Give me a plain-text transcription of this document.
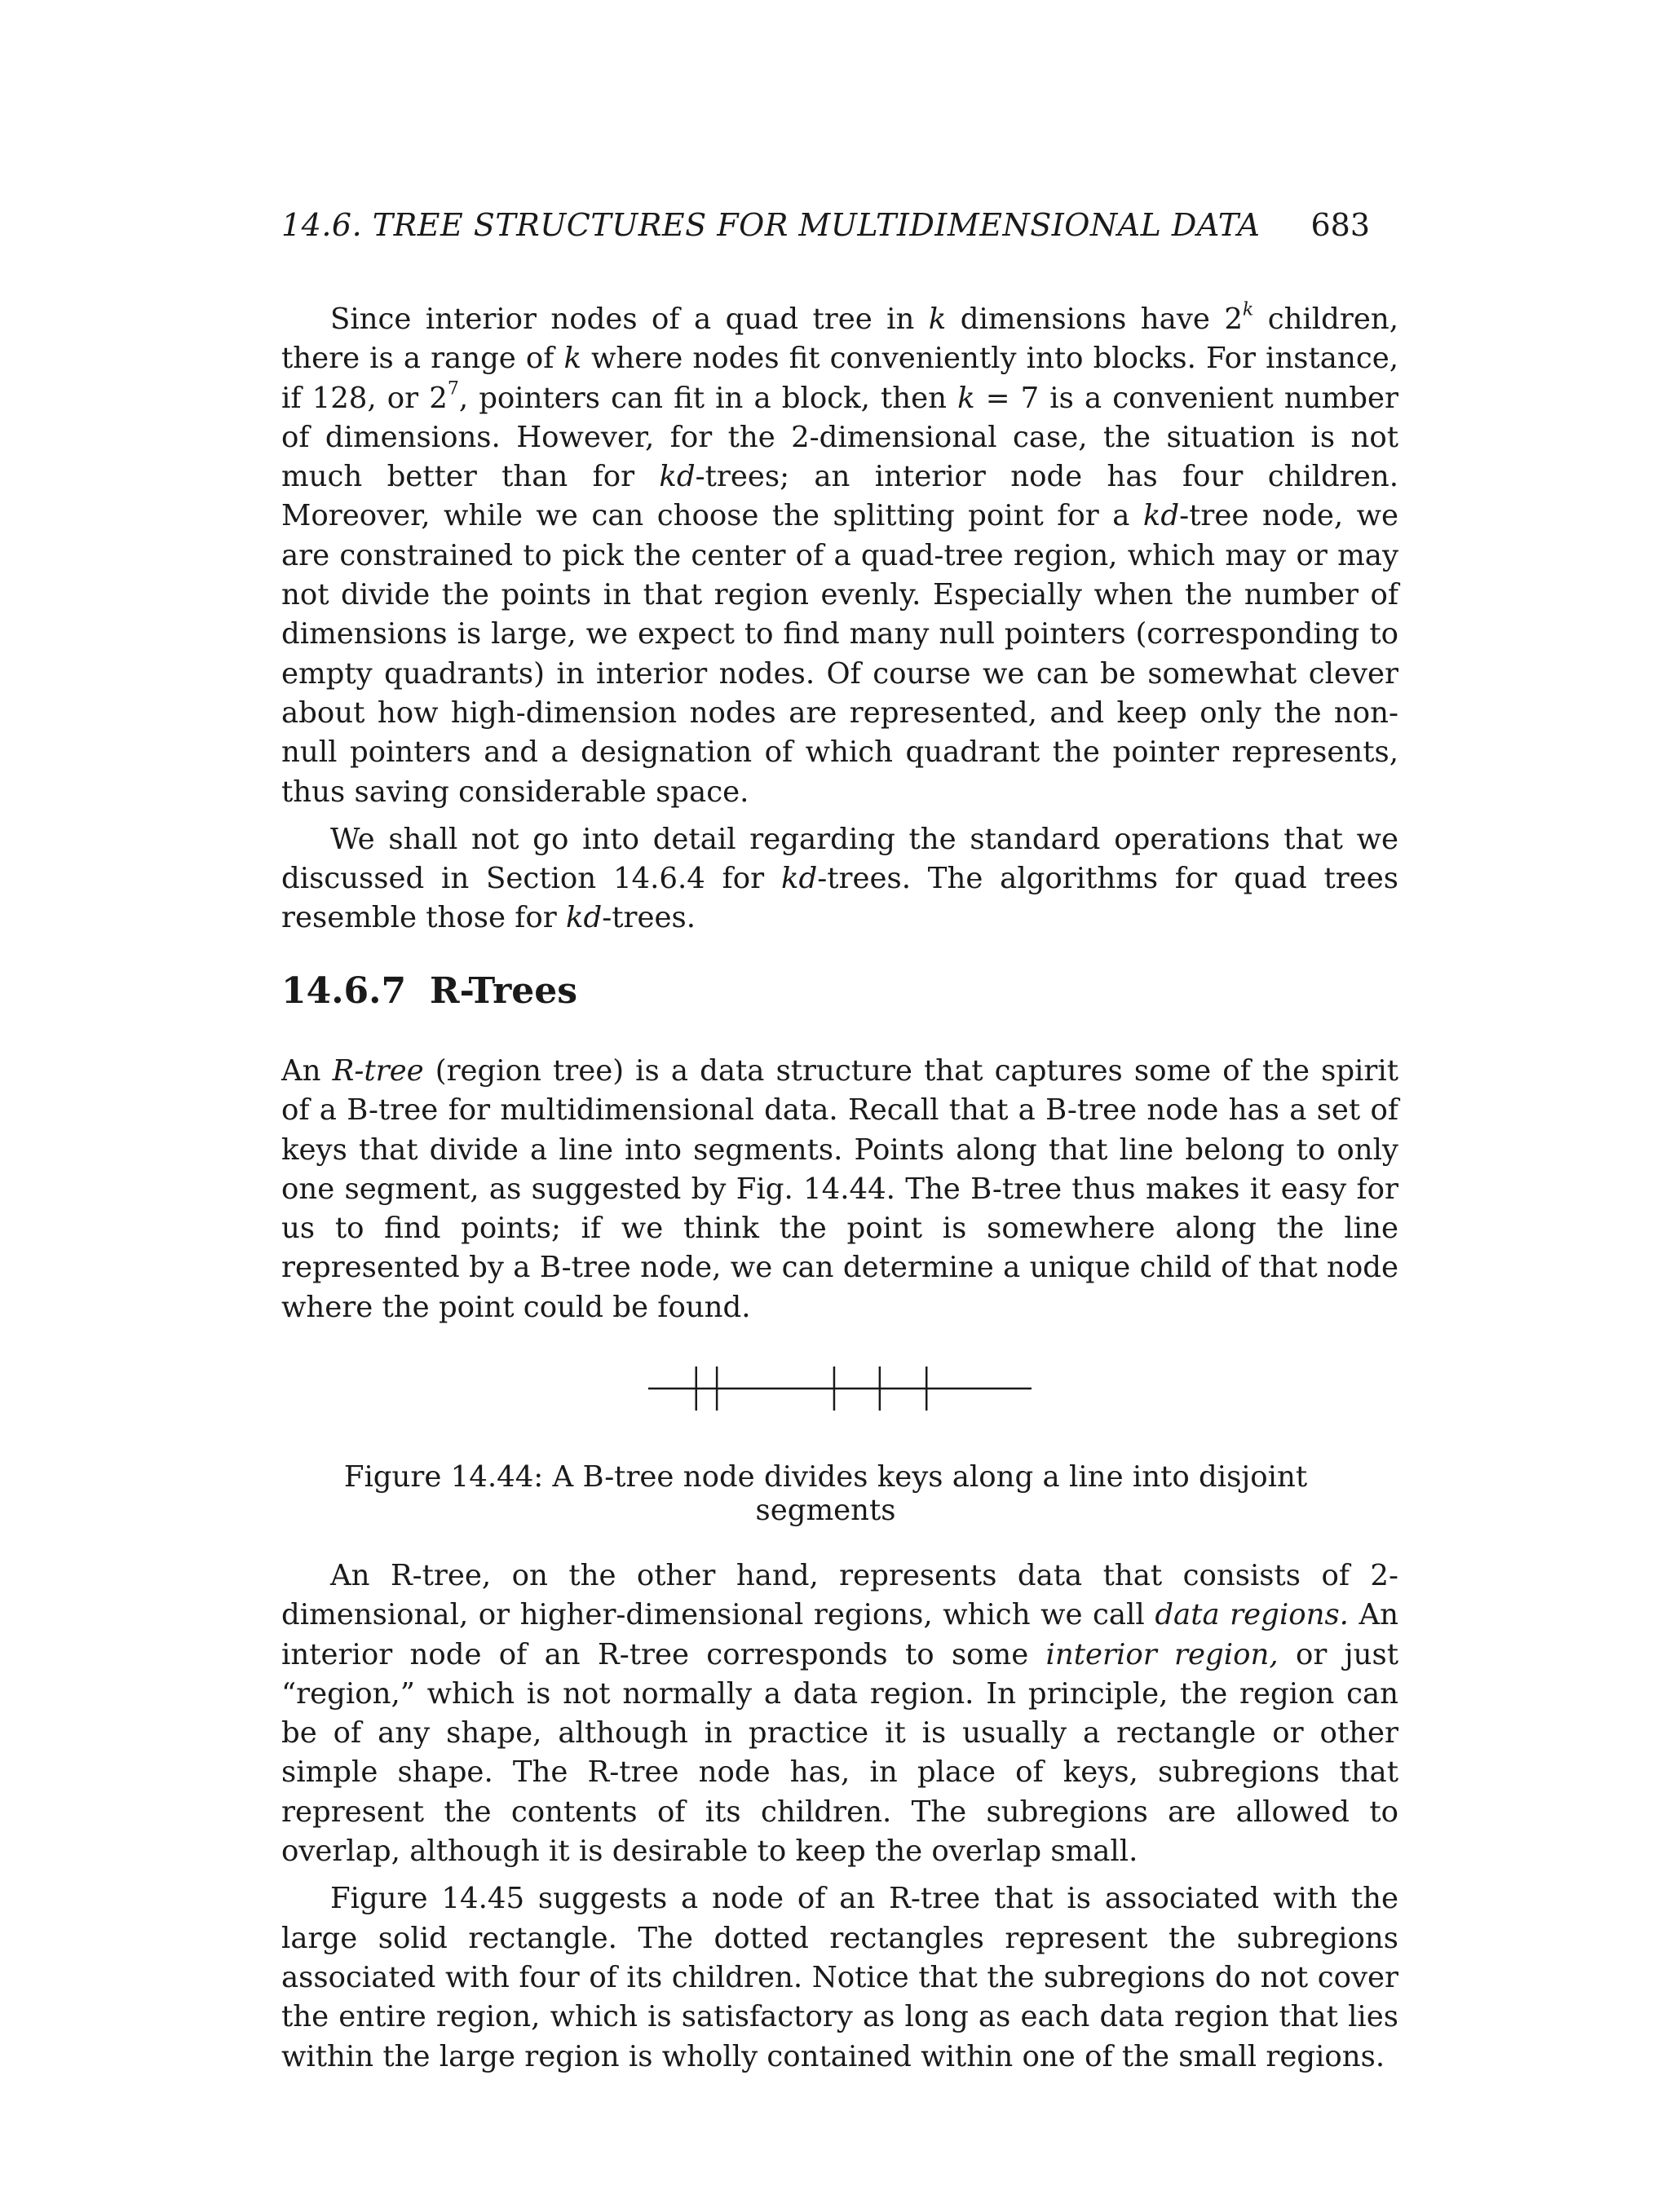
14.6. TREE STRUCTURES FOR MULTIDIMENSIONAL DATA	683

Since interior nodes of a quad tree in k dimensions have 2$^k$ children, there is a range of k where nodes fit conveniently into blocks. For instance, if 128, or $2^7$, pointers can fit in a block, then k = 7 is a convenient number of dimensions. However, for the 2-dimensional case, the situation is not much better than for kd-trees; an interior node has four children. Moreover, while we can choose the splitting point for a kd-tree node, we are constrained to pick the center of a quad-tree region, which may or may not divide the points in that region evenly. Especially when the number of dimensions is large, we expect to find many null pointers (corresponding to empty quadrants) in interior nodes. Of course we can be somewhat clever about how high-dimension nodes are represented, and keep only the non-null pointers and a designation of which quadrant the pointer represents, thus saving considerable space.

We shall not go into detail regarding the standard operations that we discussed in Section 14.6.4 for kd-trees. The algorithms for quad trees resemble those for kd-trees.

14.6.7 R-Trees

An R-tree (region tree) is a data structure that captures some of the spirit of a B-tree for multidimensional data. Recall that a B-tree node has a set of keys that divide a line into segments. Points along that line belong to only one segment, as suggested by Fig. 14.44. The B-tree thus makes it easy for us to find points; if we think the point is somewhere along the line represented by a B-tree node, we can determine a unique child of that node where the point could be found.

Figure 14.44: A B-tree node divides keys along a line into disjoint segments

An R-tree, on the other hand, represents data that consists of 2-dimensional, or higher-dimensional regions, which we call data regions. An interior node of an R-tree corresponds to some interior region, or just “region,” which is not normally a data region. In principle, the region can be of any shape, although in practice it is usually a rectangle or other simple shape. The R-tree node has, in place of keys, subregions that represent the contents of its children. The subregions are allowed to overlap, although it is desirable to keep the overlap small.

Figure 14.45 suggests a node of an R-tree that is associated with the large solid rectangle. The dotted rectangles represent the subregions associated with four of its children. Notice that the subregions do not cover the entire region, which is satisfactory as long as each data region that lies within the large region is wholly contained within one of the small regions.
